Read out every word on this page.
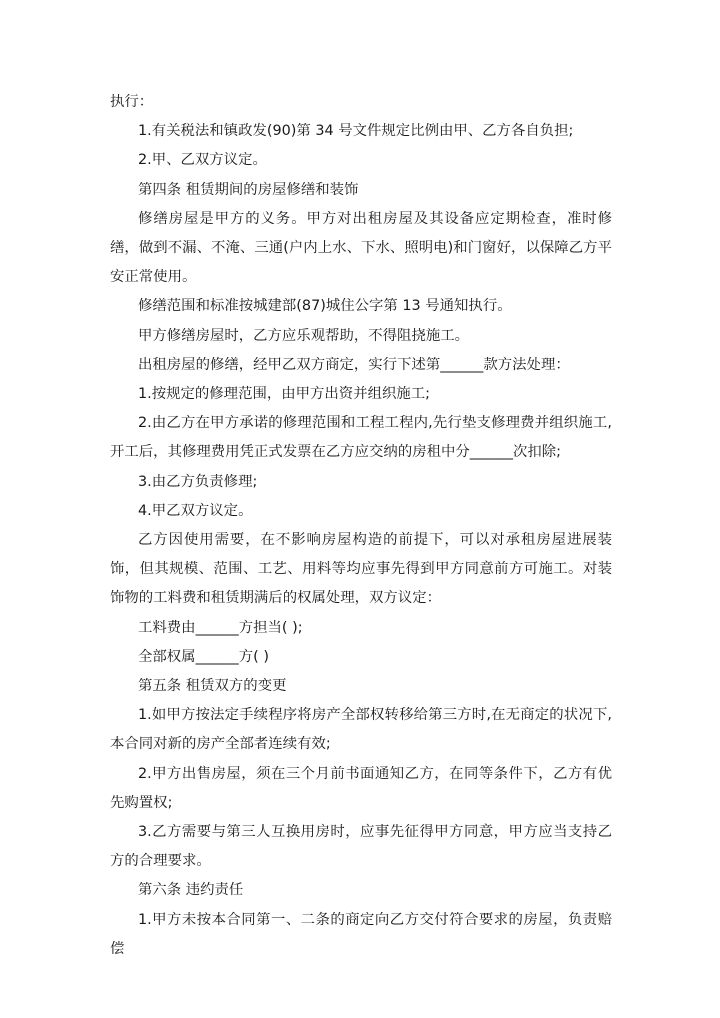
执行：

1.有关税法和镇政发(90)第 34 号文件规定比例由甲、乙方各自负担;

2.甲、乙双方议定。

第四条 租赁期间的房屋修缮和装饰

修缮房屋是甲方的义务。甲方对出租房屋及其设备应定期检查，准时修缮，做到不漏、不淹、三通(户内上水、下水、照明电)和门窗好，以保障乙方平安正常使用。

修缮范围和标准按城建部(87)城住公字第 13 号通知执行。

甲方修缮房屋时，乙方应乐观帮助，不得阻挠施工。

出租房屋的修缮，经甲乙双方商定，实行下述第______款方法处理：

1.按规定的修理范围，由甲方出资并组织施工;

2.由乙方在甲方承诺的修理范围和工程工程内,先行垫支修理费并组织施工,开工后，其修理费用凭正式发票在乙方应交纳的房租中分______次扣除;

3.由乙方负责修理;

4.甲乙双方议定。

乙方因使用需要，在不影响房屋构造的前提下，可以对承租房屋进展装饰，但其规模、范围、工艺、用料等均应事先得到甲方同意前方可施工。对装饰物的工料费和租赁期满后的权属处理，双方议定：

工料费由______方担当( );

全部权属______方( )

第五条 租赁双方的变更

1.如甲方按法定手续程序将房产全部权转移给第三方时,在无商定的状况下,本合同对新的房产全部者连续有效;

2.甲方出售房屋，须在三个月前书面通知乙方，在同等条件下，乙方有优先购置权;

3.乙方需要与第三人互换用房时，应事先征得甲方同意，甲方应当支持乙方的合理要求。

第六条 违约责任

1.甲方未按本合同第一、二条的商定向乙方交付符合要求的房屋，负责赔偿
